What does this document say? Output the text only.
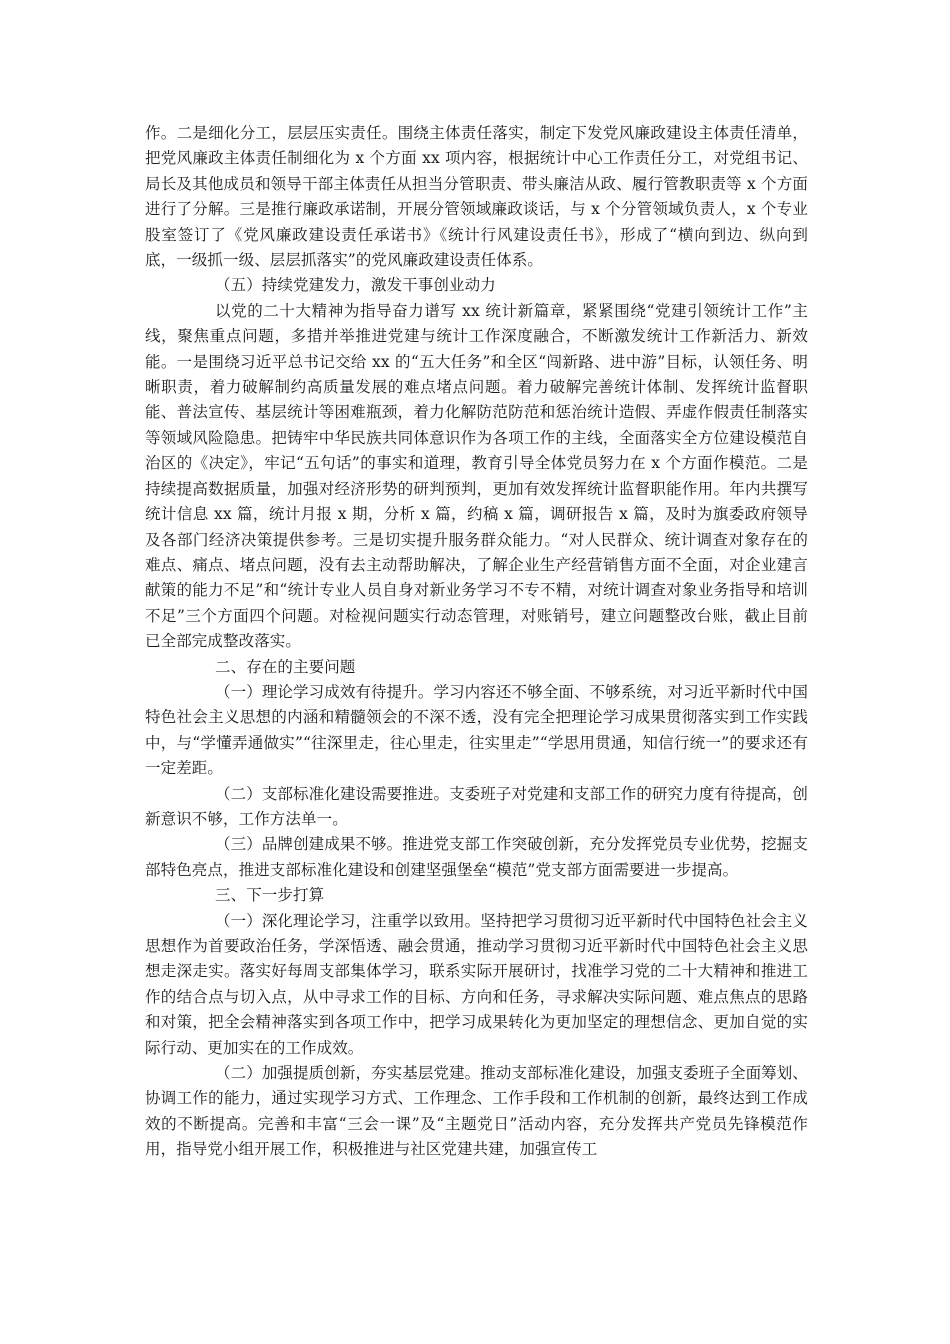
作。二是细化分工，层层压实责任。围绕主体责任落实，制定下发党风廉政建设主体责任清单，把党风廉政主体责任制细化为 x 个方面 xx 项内容，根据统计中心工作责任分工，对党组书记、局长及其他成员和领导干部主体责任从担当分管职责、带头廉洁从政、履行管教职责等 x 个方面进行了分解。三是推行廉政承诺制，开展分管领域廉政谈话，与 x 个分管领域负责人，x 个专业股室签订了《党风廉政建设责任承诺书》《统计行风建设责任书》，形成了“横向到边、纵向到底，一级抓一级、层层抓落实”的党风廉政建设责任体系。

（五）持续党建发力，激发干事创业动力

以党的二十大精神为指导奋力谱写 xx 统计新篇章，紧紧围绕“党建引领统计工作”主线，聚焦重点问题，多措并举推进党建与统计工作深度融合，不断激发统计工作新活力、新效能。一是围绕习近平总书记交给 xx 的“五大任务”和全区“闯新路、进中游”目标，认领任务、明晰职责，着力破解制约高质量发展的难点堵点问题。着力破解完善统计体制、发挥统计监督职能、普法宣传、基层统计等困难瓶颈，着力化解防范防范和惩治统计造假、弄虚作假责任制落实等领域风险隐患。把铸牢中华民族共同体意识作为各项工作的主线，全面落实全方位建设模范自治区的《决定》，牢记“五句话”的事实和道理，教育引导全体党员努力在 x 个方面作模范。二是持续提高数据质量，加强对经济形势的研判预判，更加有效发挥统计监督职能作用。年内共撰写统计信息 xx 篇，统计月报 x 期，分析 x 篇，约稿 x 篇，调研报告 x 篇，及时为旗委政府领导及各部门经济决策提供参考。三是切实提升服务群众能力。“对人民群众、统计调查对象存在的难点、痛点、堵点问题，没有去主动帮助解决，了解企业生产经营销售方面不全面，对企业建言献策的能力不足”和“统计专业人员自身对新业务学习不专不精，对统计调查对象业务指导和培训不足”三个方面四个问题。对检视问题实行动态管理，对账销号，建立问题整改台账，截止目前已全部完成整改落实。

二、存在的主要问题

（一）理论学习成效有待提升。学习内容还不够全面、不够系统，对习近平新时代中国特色社会主义思想的内涵和精髓领会的不深不透，没有完全把理论学习成果贯彻落实到工作实践中，与“学懂弄通做实”“往深里走，往心里走，往实里走”“学思用贯通，知信行统一”的要求还有一定差距。

（二）支部标准化建设需要推进。支委班子对党建和支部工作的研究力度有待提高，创新意识不够，工作方法单一。

（三）品牌创建成果不够。推进党支部工作突破创新，充分发挥党员专业优势，挖掘支部特色亮点，推进支部标准化建设和创建坚强堡垒“模范”党支部方面需要进一步提高。

三、下一步打算

（一）深化理论学习，注重学以致用。坚持把学习贯彻习近平新时代中国特色社会主义思想作为首要政治任务，学深悟透、融会贯通，推动学习贯彻习近平新时代中国特色社会主义思想走深走实。落实好每周支部集体学习，联系实际开展研讨，找准学习党的二十大精神和推进工作的结合点与切入点，从中寻求工作的目标、方向和任务，寻求解决实际问题、难点焦点的思路和对策，把全会精神落实到各项工作中，把学习成果转化为更加坚定的理想信念、更加自觉的实际行动、更加实在的工作成效。

（二）加强提质创新，夯实基层党建。推动支部标准化建设，加强支委班子全面筹划、协调工作的能力，通过实现学习方式、工作理念、工作手段和工作机制的创新，最终达到工作成效的不断提高。完善和丰富“三会一课”及“主题党日”活动内容，充分发挥共产党员先锋模范作用，指导党小组开展工作，积极推进与社区党建共建，加强宣传工
